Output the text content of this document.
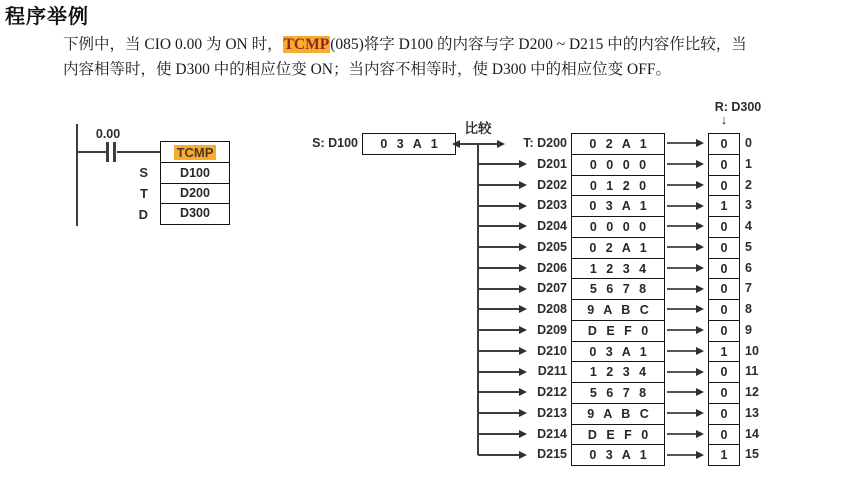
程序举例

下例中，当 CIO 0.00 为 ON 时，TCMP(085)将字 D100 的内容与字 D200 ~ D215 中的内容作比较，当
内容相等时，使 D300 中的相应位变 ON；当内容不相等时，使 D300 中的相应位变 OFF。

0.00
TCMP
D100
D200
D300
S
T
D
S: D100	0 3 A 1
比较
R: D300
↓
T: D200	0 2 A 1	0	0
D201	0 0 0 0	0	1
D202	0 1 2 0	0	2
D203	0 3 A 1	1	3
D204	0 0 0 0	0	4
D205	0 2 A 1	0	5
D206	1 2 3 4	0	6
D207	5 6 7 8	0	7
D208	9 A B C	0	8
D209	D E F 0	0	9
D210	0 3 A 1	1	10
D211	1 2 3 4	0	11
D212	5 6 7 8	0	12
D213	9 A B C	0	13
D214	D E F 0	0	14
D215	0 3 A 1	1	15
